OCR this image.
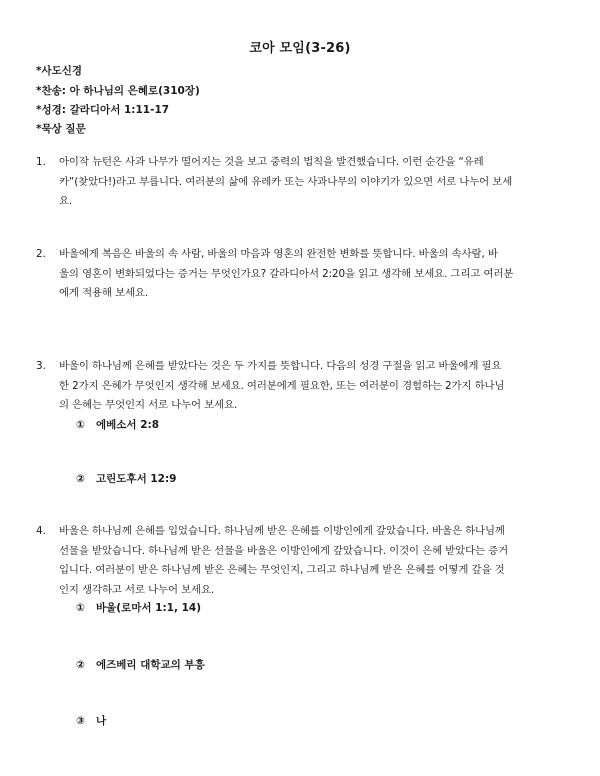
코아 모임(3-26)
*사도신경
*찬송: 아 하나님의 은혜로(310장)
*성경: 갈라디아서 1:11-17
*묵상 질문
1.	아이작 뉴턴은 사과 나무가 떨어지는 것을 보고 중력의 법칙을 발견했습니다. 이런 순간을 “유레
카”(찾았다!)라고 부릅니다. 여러분의 삶에 유레카 또는 사과나무의 이야기가 있으면 서로 나누어 보세
요.
2.	바울에게 복음은 바울의 속 사람, 바울의 마음과 영혼의 완전한 변화를 뜻합니다. 바울의 속사람, 바
울의 영혼이 변화되었다는 증거는 무엇인가요? 갈라디아서 2:20을 읽고 생각해 보세요. 그리고 여러분
에게 적용해 보세요.
3.	바울이 하나님께 은혜를 받았다는 것은 두 가지를 뜻합니다. 다음의 성경 구절을 읽고 바울에게 필요
한 2가지 은혜가 무엇인지 생각해 보세요. 여러분에게 필요한, 또는 여러분이 경험하는 2가지 하나님
의 은혜는 무엇인지 서로 나누어 보세요.
① 에베소서 2:8
② 고린도후서 12:9
4.	바울은 하나님께 은혜를 입었습니다. 하나님께 받은 은혜를 이방인에게 갚았습니다. 바울은 하나님께
선물을 받았습니다. 하나님께 받은 선물을 바울은 이방인에게 갚았습니다. 이것이 은혜 받았다는 증거
입니다. 여러분이 받은 하나님께 받은 은혜는 무엇인지, 그리고 하나님께 받은 은혜를 어떻게 갚을 것
인지 생각하고 서로 나누어 보세요.
① 바울(로마서 1:1, 14)
② 에즈베리 대학교의 부흥
③ 나
